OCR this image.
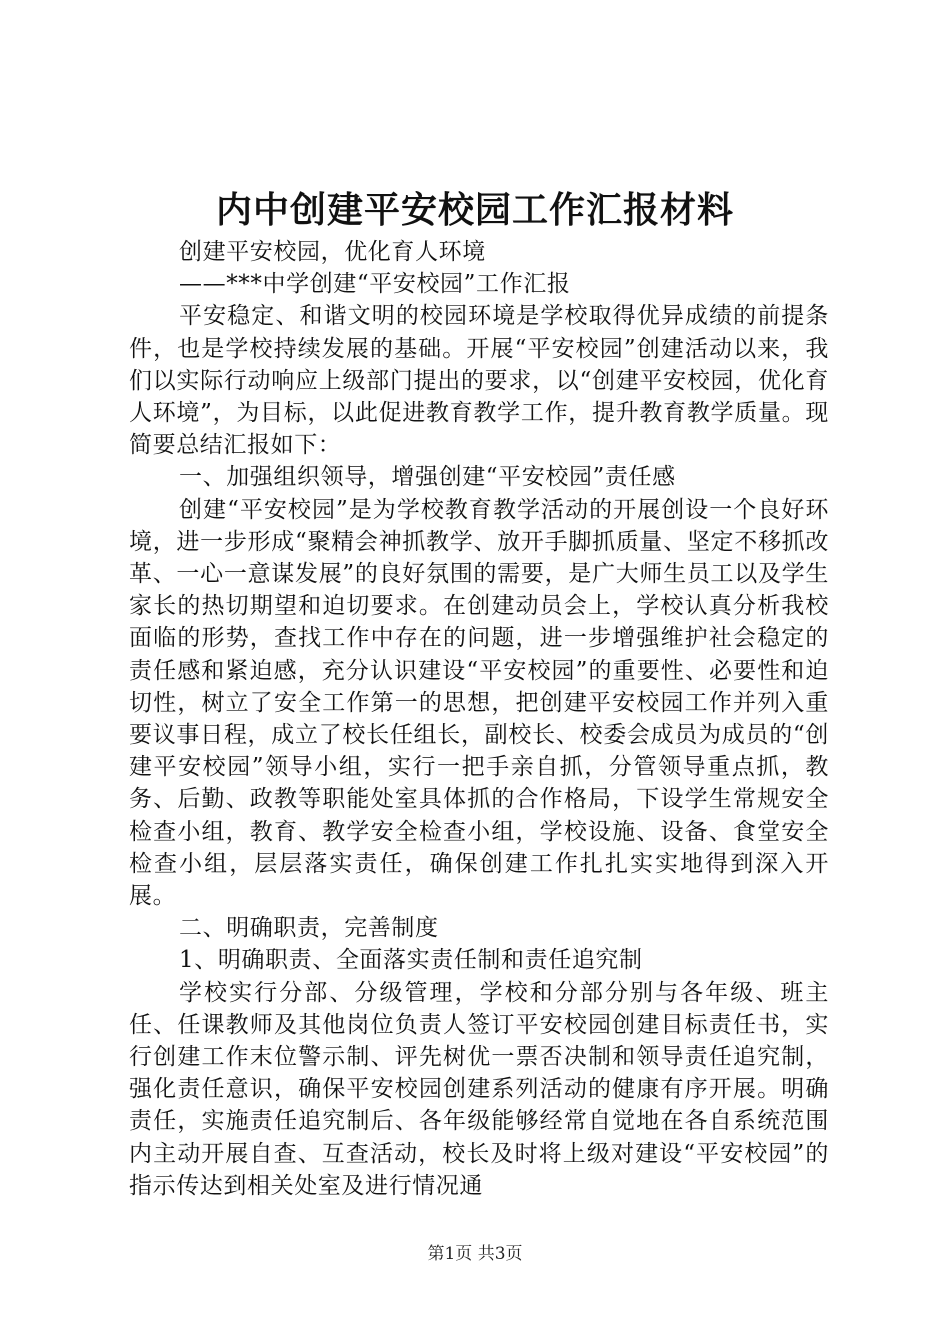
内中创建平安校园工作汇报材料

创建平安校园，优化育人环境

——***中学创建“平安校园”工作汇报

平安稳定、和谐文明的校园环境是学校取得优异成绩的前提条件，也是学校持续发展的基础。开展“平安校园”创建活动以来，我们以实际行动响应上级部门提出的要求，以“创建平安校园，优化育人环境”，为目标，以此促进教育教学工作，提升教育教学质量。现简要总结汇报如下：

一、加强组织领导，增强创建“平安校园”责任感

创建“平安校园”是为学校教育教学活动的开展创设一个良好环境，进一步形成“聚精会神抓教学、放开手脚抓质量、坚定不移抓改革、一心一意谋发展”的良好氛围的需要，是广大师生员工以及学生家长的热切期望和迫切要求。在创建动员会上，学校认真分析我校面临的形势，查找工作中存在的问题，进一步增强维护社会稳定的责任感和紧迫感，充分认识建设“平安校园”的重要性、必要性和迫切性，树立了安全工作第一的思想，把创建平安校园工作并列入重要议事日程，成立了校长任组长，副校长、校委会成员为成员的“创建平安校园”领导小组，实行一把手亲自抓，分管领导重点抓，教务、后勤、政教等职能处室具体抓的合作格局，下设学生常规安全检查小组，教育、教学安全检查小组，学校设施、设备、食堂安全检查小组，层层落实责任，确保创建工作扎扎实实地得到深入开展。

二、明确职责，完善制度

1、明确职责、全面落实责任制和责任追究制

学校实行分部、分级管理，学校和分部分别与各年级、班主任、任课教师及其他岗位负责人签订平安校园创建目标责任书，实行创建工作末位警示制、评先树优一票否决制和领导责任追究制，强化责任意识，确保平安校园创建系列活动的健康有序开展。明确责任，实施责任追究制后、各年级能够经常自觉地在各自系统范围内主动开展自查、互查活动，校长及时将上级对建设“平安校园”的指示传达到相关处室及进行情况通

第1页 共3页
